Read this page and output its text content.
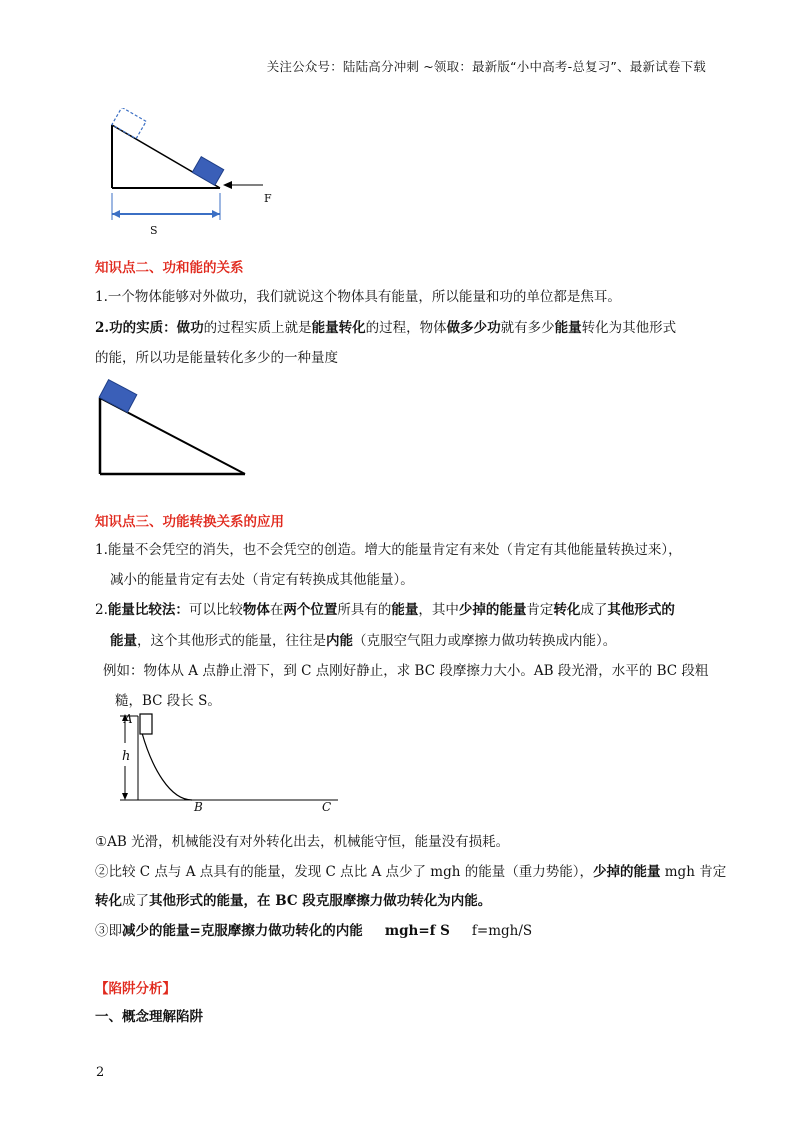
关注公众号：陆陆高分冲刺 ~领取：最新版“小中高考-总复习”、最新试卷下载
F
S
知识点二、功和能的关系
1.一个物体能够对外做功，我们就说这个物体具有能量，所以能量和功的单位都是焦耳。
2.功的实质：做功的过程实质上就是能量转化的过程，物体做多少功就有多少能量转化为其他形式
的能，所以功是能量转化多少的一种量度
知识点三、功能转换关系的应用
1.能量不会凭空的消失，也不会凭空的创造。增大的能量肯定有来处（肯定有其他能量转换过来），
减小的能量肯定有去处（肯定有转换成其他能量）。
2.能量比较法：可以比较物体在两个位置所具有的能量，其中少掉的能量肯定转化成了其他形式的
能量，这个其他形式的能量，往往是内能（克服空气阻力或摩擦力做功转换成内能）。
例如：物体从 A 点静止滑下，到 C 点刚好静止，求 BC 段摩擦力大小。AB 段光滑，水平的 BC 段粗
糙，BC 段长 S。
A
h
B	C
①AB 光滑，机械能没有对外转化出去，机械能守恒，能量没有损耗。
②比较 C 点与 A 点具有的能量，发现 C 点比 A 点少了 mgh 的能量（重力势能），少掉的能量 mgh 肯定
转化成了其他形式的能量，在 BC 段克服摩擦力做功转化为内能。
③即减少的能量=克服摩擦力做功转化的内能 mgh=f S f=mgh/S
【陷阱分析】
一、概念理解陷阱
2
